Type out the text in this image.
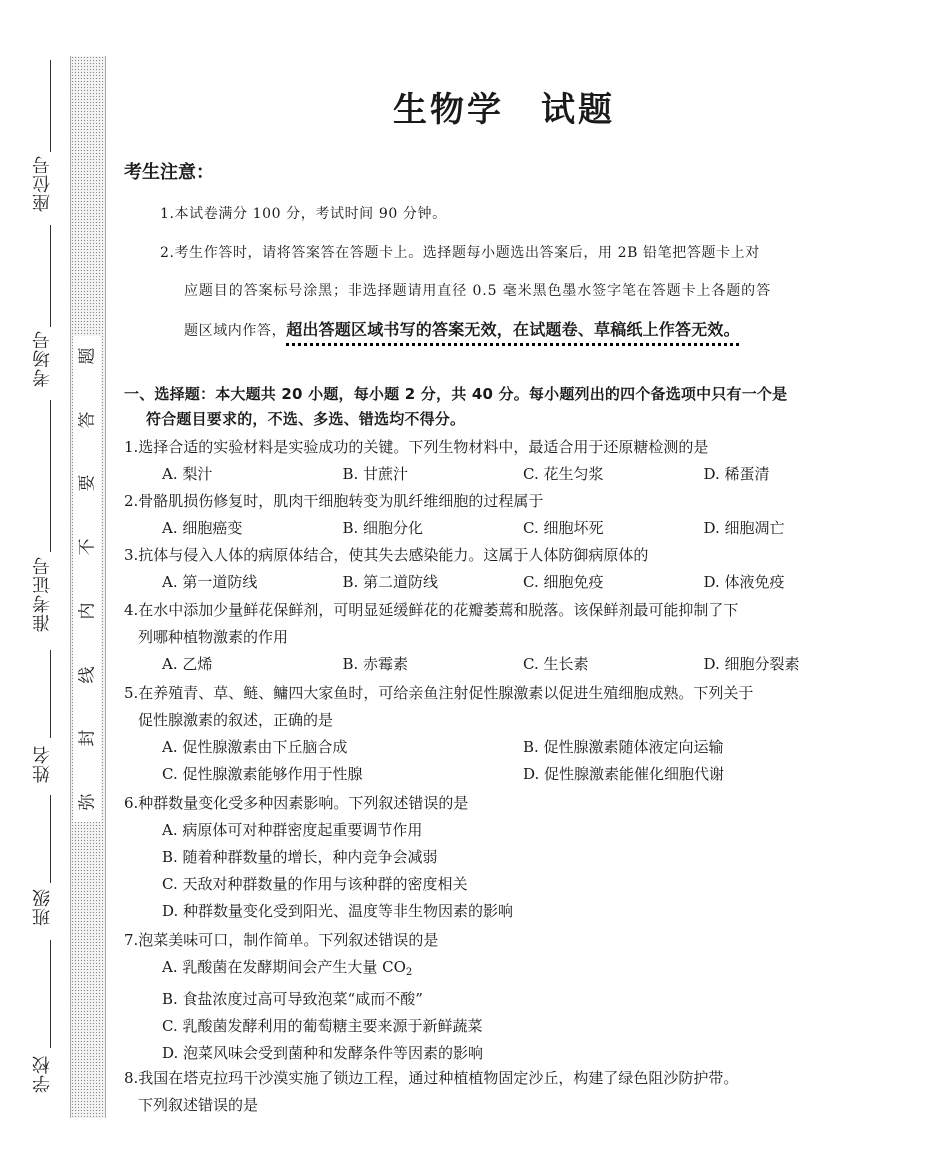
座位号
考场号
准考证号
姓名
班级
学校
题
答
要
不
内
线
封
弥
生物学　试题
考生注意：
1.本试卷满分 100 分，考试时间 90 分钟。
2.考生作答时，请将答案答在答题卡上。选择题每小题选出答案后，用 2B 铅笔把答题卡上对
应题目的答案标号涂黑；非选择题请用直径 0.5 毫米黑色墨水签字笔在答题卡上各题的答
题区域内作答，超出答题区域书写的答案无效，在试题卷、草稿纸上作答无效。
一、选择题：本大题共 20 小题，每小题 2 分，共 40 分。每小题列出的四个备选项中只有一个是
符合题目要求的，不选、多选、错选均不得分。
1.选择合适的实验材料是实验成功的关键。下列生物材料中，最适合用于还原糖检测的是
A. 梨汁	B. 甘蔗汁	C. 花生匀浆	D. 稀蛋清
2.骨骼肌损伤修复时，肌肉干细胞转变为肌纤维细胞的过程属于
A. 细胞癌变	B. 细胞分化	C. 细胞坏死	D. 细胞凋亡
3.抗体与侵入人体的病原体结合，使其失去感染能力。这属于人体防御病原体的
A. 第一道防线	B. 第二道防线	C. 细胞免疫	D. 体液免疫
4.在水中添加少量鲜花保鲜剂，可明显延缓鲜花的花瓣萎蔫和脱落。该保鲜剂最可能抑制了下
列哪种植物激素的作用
A. 乙烯	B. 赤霉素	C. 生长素	D. 细胞分裂素
5.在养殖青、草、鲢、鳙四大家鱼时，可给亲鱼注射促性腺激素以促进生殖细胞成熟。下列关于
促性腺激素的叙述，正确的是
A. 促性腺激素由下丘脑合成	B. 促性腺激素随体液定向运输
C. 促性腺激素能够作用于性腺	D. 促性腺激素能催化细胞代谢
6.种群数量变化受多种因素影响。下列叙述错误的是
A. 病原体可对种群密度起重要调节作用
B. 随着种群数量的增长，种内竞争会减弱
C. 天敌对种群数量的作用与该种群的密度相关
D. 种群数量变化受到阳光、温度等非生物因素的影响
7.泡菜美味可口，制作简单。下列叙述错误的是
A. 乳酸菌在发酵期间会产生大量 $CO_2$
B. 食盐浓度过高可导致泡菜“咸而不酸”
C. 乳酸菌发酵利用的葡萄糖主要来源于新鲜蔬菜
D. 泡菜风味会受到菌种和发酵条件等因素的影响
8.我国在塔克拉玛干沙漠实施了锁边工程，通过种植植物固定沙丘，构建了绿色阻沙防护带。
下列叙述错误的是
